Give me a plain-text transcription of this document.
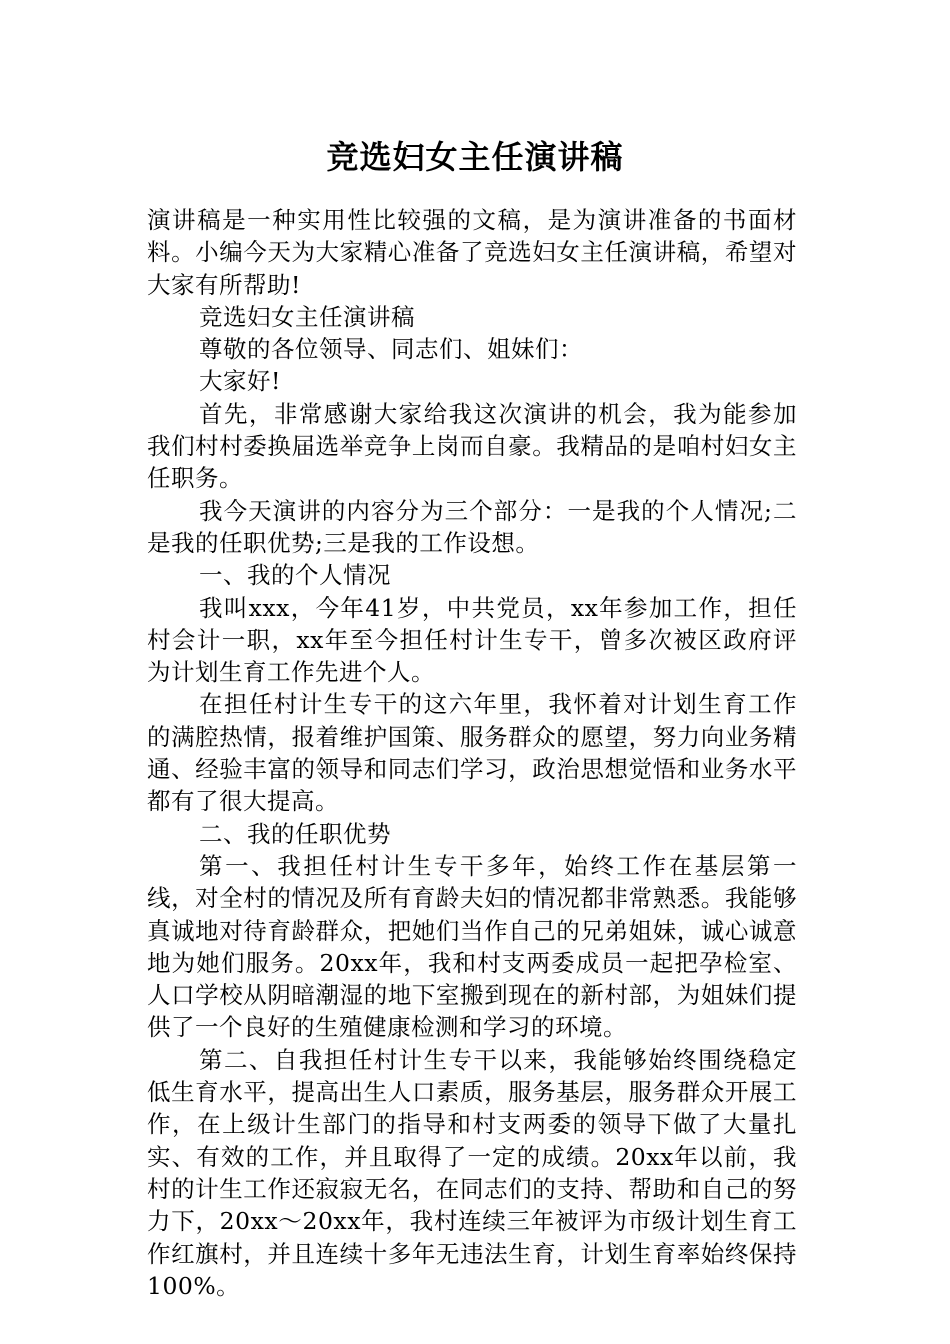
竞选妇女主任演讲稿

演讲稿是一种实用性比较强的文稿，是为演讲准备的书面材料。小编今天为大家精心准备了竞选妇女主任演讲稿，希望对大家有所帮助!

竞选妇女主任演讲稿

尊敬的各位领导、同志们、姐妹们：

大家好!

首先，非常感谢大家给我这次演讲的机会，我为能参加我们村村委换届选举竞争上岗而自豪。我精品的是咱村妇女主任职务。

我今天演讲的内容分为三个部分：一是我的个人情况;二是我的任职优势;三是我的工作设想。

一、我的个人情况

我叫xxx，今年41岁，中共党员，xx年参加工作，担任村会计一职，xx年至今担任村计生专干，曾多次被区政府评为计划生育工作先进个人。

在担任村计生专干的这六年里，我怀着对计划生育工作的满腔热情，报着维护国策、服务群众的愿望，努力向业务精通、经验丰富的领导和同志们学习，政治思想觉悟和业务水平都有了很大提高。

二、我的任职优势

第一、我担任村计生专干多年，始终工作在基层第一线，对全村的情况及所有育龄夫妇的情况都非常熟悉。我能够真诚地对待育龄群众，把她们当作自己的兄弟姐妹，诚心诚意地为她们服务。20xx年，我和村支两委成员一起把孕检室、人口学校从阴暗潮湿的地下室搬到现在的新村部，为姐妹们提供了一个良好的生殖健康检测和学习的环境。

第二、自我担任村计生专干以来，我能够始终围绕稳定低生育水平，提高出生人口素质，服务基层，服务群众开展工作，在上级计生部门的指导和村支两委的领导下做了大量扎实、有效的工作，并且取得了一定的成绩。20xx年以前，我村的计生工作还寂寂无名，在同志们的支持、帮助和自己的努力下，20xx～20xx年，我村连续三年被评为市级计划生育工作红旗村，并且连续十多年无违法生育，计划生育率始终保持100%。
